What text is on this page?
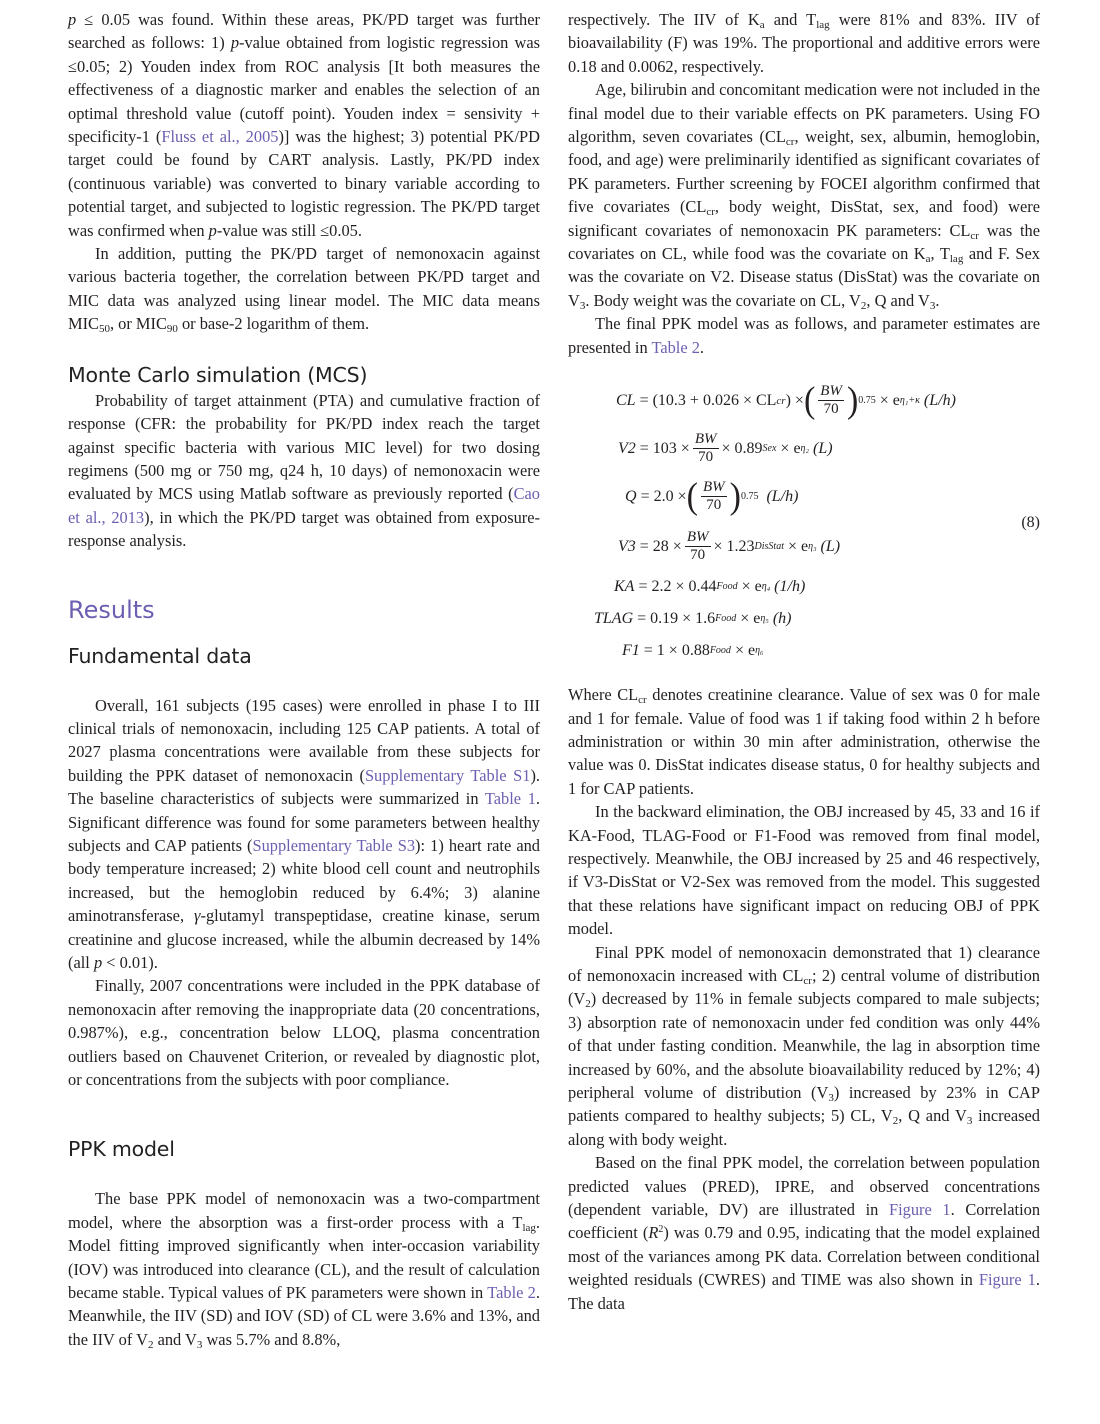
p ≤ 0.05 was found. Within these areas, PK/PD target was further searched as follows: 1) p-value obtained from logistic regression was ≤0.05; 2) Youden index from ROC analysis [It both measures the effectiveness of a diagnostic marker and enables the selection of an optimal threshold value (cutoff point). Youden index = sensivity + specificity-1 (Fluss et al., 2005)] was the highest; 3) potential PK/PD target could be found by CART analysis. Lastly, PK/PD index (continuous variable) was converted to binary variable according to potential target, and subjected to logistic regression. The PK/PD target was confirmed when p-value was still ≤0.05.

In addition, putting the PK/PD target of nemonoxacin against various bacteria together, the correlation between PK/PD target and MIC data was analyzed using linear model. The MIC data means $MIC_{50}$, or $MIC_{90}$ or base-2 logarithm of them.

Monte Carlo simulation (MCS)

Probability of target attainment (PTA) and cumulative fraction of response (CFR: the probability for PK/PD index reach the target against specific bacteria with various MIC level) for two dosing regimens (500 mg or 750 mg, q24 h, 10 days) of nemonoxacin were evaluated by MCS using Matlab software as previously reported (Cao et al., 2013), in which the PK/PD target was obtained from exposure-response analysis.

Results
Fundamental data

Overall, 161 subjects (195 cases) were enrolled in phase I to III clinical trials of nemonoxacin, including 125 CAP patients. A total of 2027 plasma concentrations were available from these subjects for building the PPK dataset of nemonoxacin (Supplementary Table S1). The baseline characteristics of subjects were summarized in Table 1. Significant difference was found for some parameters between healthy subjects and CAP patients (Supplementary Table S3): 1) heart rate and body temperature increased; 2) white blood cell count and neutrophils increased, but the hemoglobin reduced by 6.4%; 3) alanine aminotransferase, γ-glutamyl transpeptidase, creatine kinase, serum creatinine and glucose increased, while the albumin decreased by 14% (all p < 0.01).

Finally, 2007 concentrations were included in the PPK database of nemonoxacin after removing the inappropriate data (20 concentrations, 0.987%), e.g., concentration below LLOQ, plasma concentration outliers based on Chauvenet Criterion, or revealed by diagnostic plot, or concentrations from the subjects with poor compliance.

PPK model

The base PPK model of nemonoxacin was a two-compartment model, where the absorption was a first-order process with a $T_{lag}$. Model fitting improved significantly when inter-occasion variability (IOV) was introduced into clearance (CL), and the result of calculation became stable. Typical values of PK parameters were shown in Table 2. Meanwhile, the IIV (SD) and IOV (SD) of CL were 3.6% and 13%, and the IIV of $V_2$ and $V_3$ was 5.7% and 8.8%,

respectively. The IIV of $K_a$ and $T_{lag}$ were 81% and 83%. IIV of bioavailability (F) was 19%. The proportional and additive errors were 0.18 and 0.0062, respectively.

Age, bilirubin and concomitant medication were not included in the final model due to their variable effects on PK parameters. Using FO algorithm, seven covariates ($CL_{cr}$, weight, sex, albumin, hemoglobin, food, and age) were preliminarily identified as significant covariates of PK parameters. Further screening by FOCEI algorithm confirmed that five covariates ($CL_{cr}$, body weight, DisStat, sex, and food) were significant covariates of nemonoxacin PK parameters: $CL_{cr}$ was the covariates on CL, while food was the covariate on $K_a$, $T_{lag}$ and F. Sex was the covariate on V2. Disease status (DisStat) was the covariate on $V_3$. Body weight was the covariate on CL, $V_2$, Q and $V_3$.

The final PPK model was as follows, and parameter estimates are presented in Table 2.

CL = (10.3 + 0.026 × CL cr ) × ( $\frac{BW}{70}$ ) 0.75 × e η₁+κ (L/h)
$V2 = 103 \times \frac{BW}{70} \times 0.89$ Sex × e η₂ (L)
Q = 2.0 × ( $\frac{BW}{70}$ ) 0.75 (L/h)
$V3 = 28 \times \frac{BW}{70} \times 1.23$ DisStat × e η₃ (L)
KA = 2.2 × 0.44 Food × e η₄ (1/h)
TLAG = 0.19 × 1.6 Food × e η₅ (h)
F1 = 1 × 0.88 Food × e η₆
(8)

Where $CL_{cr}$ denotes creatinine clearance. Value of sex was 0 for male and 1 for female. Value of food was 1 if taking food within 2 h before administration or within 30 min after administration, otherwise the value was 0. DisStat indicates disease status, 0 for healthy subjects and 1 for CAP patients.

In the backward elimination, the OBJ increased by 45, 33 and 16 if KA-Food, TLAG-Food or F1-Food was removed from final model, respectively. Meanwhile, the OBJ increased by 25 and 46 respectively, if V3-DisStat or V2-Sex was removed from the model. This suggested that these relations have significant impact on reducing OBJ of PPK model.

Final PPK model of nemonoxacin demonstrated that 1) clearance of nemonoxacin increased with $CL_{cr}$; 2) central volume of distribution $(V_2)$ decreased by 11% in female subjects compared to male subjects; 3) absorption rate of nemonoxacin under fed condition was only 44% of that under fasting condition. Meanwhile, the lag in absorption time increased by 60%, and the absolute bioavailability reduced by 12%; 4) peripheral volume of distribution $(V_3)$ increased by 23% in CAP patients compared to healthy subjects; 5) CL, $V_2$, Q and $V_3$ increased along with body weight.

Based on the final PPK model, the correlation between population predicted values (PRED), IPRE, and observed concentrations (dependent variable, DV) are illustrated in Figure 1. Correlation coefficient $(R^2)$ was 0.79 and 0.95, indicating that the model explained most of the variances among PK data. Correlation between conditional weighted residuals (CWRES) and TIME was also shown in Figure 1. The data
